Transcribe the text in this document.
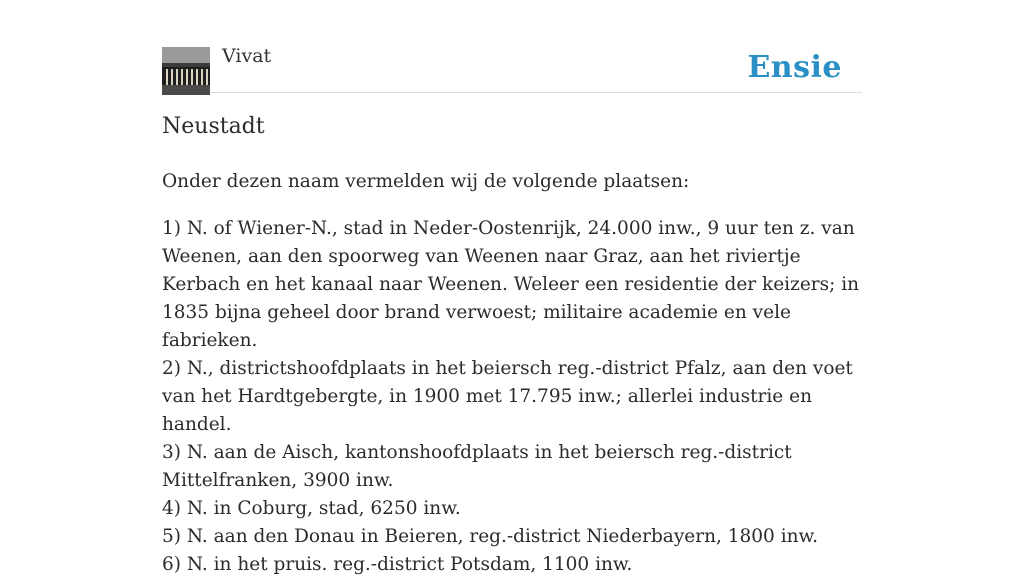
Vivat	Ensie
Neustadt

Onder dezen naam vermelden wij de volgende plaatsen:

1) N. of Wiener-N., stad in Neder-Oostenrijk, 24.000 inw., 9 uur ten z. van Weenen, aan den spoorweg van Weenen naar Graz, aan het riviertje Kerbach en het kanaal naar Weenen. Weleer een residentie der keizers; in 1835 bijna geheel door brand verwoest; militaire academie en vele fabrieken.

2) N., districtshoofdplaats in het beiersch reg.-district Pfalz, aan den voet van het Hardtgebergte, in 1900 met 17.795 inw.; allerlei industrie en handel.

3) N. aan de Aisch, kantonshoofdplaats in het beiersch reg.-district Mittelfranken, 3900 inw.

4) N. in Coburg, stad, 6250 inw.

5) N. aan den Donau in Beieren, reg.-district Niederbayern, 1800 inw.

6) N. in het pruis. reg.-district Potsdam, 1100 inw.
